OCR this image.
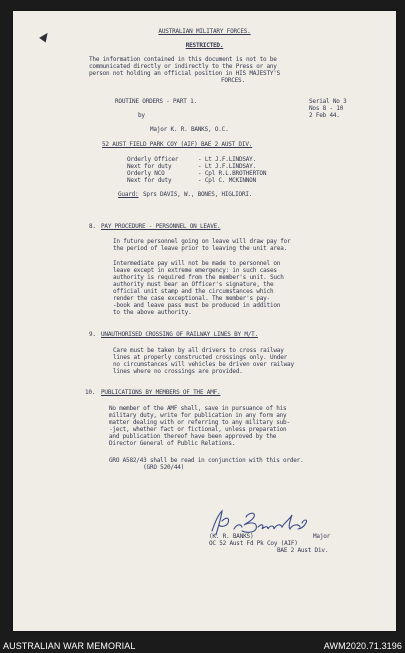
AUSTRALIAN MILITARY FORCES.
RESTRICTED.
The information contained in this document is not to be
communicated directly or indirectly to the Press or any
person not holding an official position in HIS MAJESTY'S
FORCES.
ROUTINE ORDERS - PART 1.
by
Serial No 3
Nos 8 - 10
2 Feb 44.
Major K. R. BANKS, O.C.
52 AUST FIELD PARK COY (AIF) BAE 2 AUST DIV.
Orderly Officer	- Lt J.F.LINDSAY.
Next for duty	- Lt J.F.LINDSAY.
Orderly NCO	- Cpl R.L.BROTHERTON
Next for duty	- Cpl C. MCKINNON
Guard: Sprs DAVIS, W., BONES, HIGLIORI.
8. PAY PROCEDURE - PERSONNEL ON LEAVE.
In future personnel going on leave will draw pay for
the period of leave prior to leaving the unit area.
Intermediate pay will not be made to personnel on
leave except in extreme emergency: in such cases
authority is required from the member's unit. Such
authority must bear an Officer's signature, the
official unit stamp and the circumstances which
render the case exceptional. The member's pay-
-book and leave pass must be produced in addition
to the above authority.
9. UNAUTHORISED CROSSING OF RAILWAY LINES BY M/T.
Care must be taken by all drivers to cross railway
lines at properly constructed crossings only. Under
no circumstances will vehicles be driven over railway
lines where no crossings are provided.
10. PUBLICATIONS BY MEMBERS OF THE AMF.
No member of the AMF shall, save in pursuance of his
military duty, write for publication in any form any
matter dealing with or referring to any military sub-
-ject, whether fact or fictional, unless preparation
and publication thereof have been approved by the
Director General of Public Relations.
GRO A582/43 shall be read in conjunction with this order.
(GRO 520/44)
(K. R. BANKS)	Major
OC 52 Aust Fd Pk Coy (AIF)
BAE 2 Aust Div.
AUSTRALIAN WAR MEMORIAL	AWM2020.71.3196
